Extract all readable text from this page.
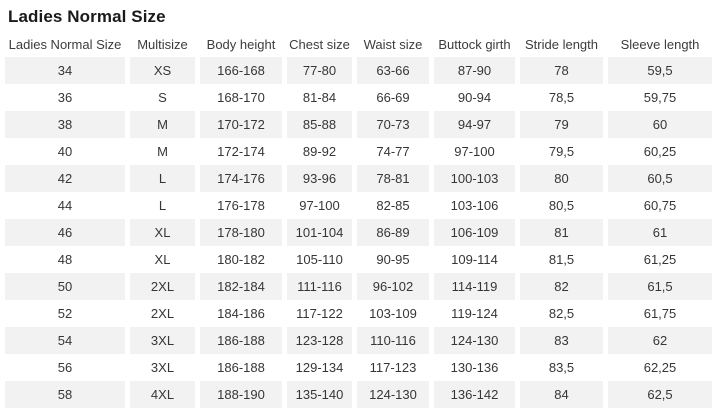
Ladies Normal Size
Ladies Normal Size	Multisize	Body height	Chest size	Waist size	Buttock girth	Stride length	Sleeve length
34	XS	166-168	77-80	63-66	87-90	78	59,5
36	S	168-170	81-84	66-69	90-94	78,5	59,75
38	M	170-172	85-88	70-73	94-97	79	60
40	M	172-174	89-92	74-77	97-100	79,5	60,25
42	L	174-176	93-96	78-81	100-103	80	60,5
44	L	176-178	97-100	82-85	103-106	80,5	60,75
46	XL	178-180	101-104	86-89	106-109	81	61
48	XL	180-182	105-110	90-95	109-114	81,5	61,25
50	2XL	182-184	111-116	96-102	114-119	82	61,5
52	2XL	184-186	117-122	103-109	119-124	82,5	61,75
54	3XL	186-188	123-128	110-116	124-130	83	62
56	3XL	186-188	129-134	117-123	130-136	83,5	62,25
58	4XL	188-190	135-140	124-130	136-142	84	62,5
